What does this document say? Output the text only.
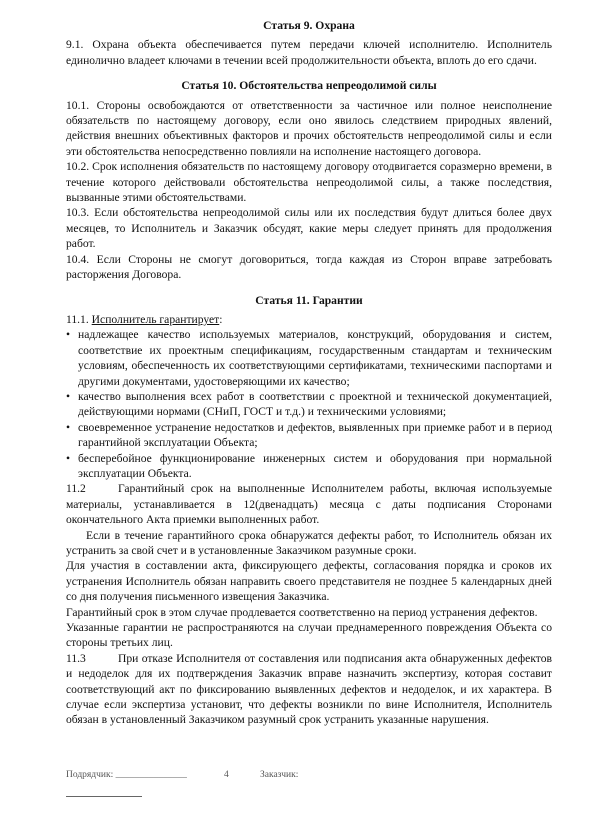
Статья 9. Охрана

9.1. Охрана объекта обеспечивается путем передачи ключей исполнителю. Исполнитель единолично владеет ключами в течении всей продолжительности объекта, вплоть до его сдачи.

Статья 10. Обстоятельства непреодолимой силы

10.1. Стороны освобождаются от ответственности за частичное или полное неисполнение обязательств по настоящему договору, если оно явилось следствием природных явлений, действия внешних объективных факторов и прочих обстоятельств непреодолимой силы и если эти обстоятельства непосредственно повлияли на исполнение настоящего договора.

10.2. Срок исполнения обязательств по настоящему договору отодвигается соразмерно времени, в течение которого действовали обстоятельства непреодолимой силы, а также последствия, вызванные этими обстоятельствами.

10.3. Если обстоятельства непреодолимой силы или их последствия будут длиться более двух месяцев, то Исполнитель и Заказчик обсудят, какие меры следует принять для продолжения работ.

10.4. Если Стороны не смогут договориться, тогда каждая из Сторон вправе затребовать расторжения Договора.

Статья 11. Гарантии

11.1. Исполнитель гарантирует:

• надлежащее качество используемых материалов, конструкций, оборудования и систем, соответствие их проектным спецификациям, государственным стандартам и техническим условиям, обеспеченность их соответствующими сертификатами, техническими паспортами и другими документами, удостоверяющими их качество;
• качество выполнения всех работ в соответствии с проектной и технической документацией, действующими нормами (СНиП, ГОСТ и т.д.) и техническими условиями;
• своевременное устранение недостатков и дефектов, выявленных при приемке работ и в период гарантийной эксплуатации Объекта;
• бесперебойное функционирование инженерных систем и оборудования при нормальной эксплуатации Объекта.

11.2	Гарантийный срок на выполненные Исполнителем работы, включая используемые материалы, устанавливается в 12(двенадцать) месяца с даты подписания Сторонами окончательного Акта приемки выполненных работ.

Если в течение гарантийного срока обнаружатся дефекты работ, то Исполнитель обязан их устранить за свой счет и в установленные Заказчиком разумные сроки.

Для участия в составлении акта, фиксирующего дефекты, согласования порядка и сроков их устранения Исполнитель обязан направить своего представителя не позднее 5 календарных дней со дня получения письменного извещения Заказчика.

Гарантийный срок в этом случае продлевается соответственно на период устранения дефектов.

Указанные гарантии не распространяются на случаи преднамеренного повреждения Объекта со стороны третьих лиц.

11.3	При отказе Исполнителя от составления или подписания акта обнаруженных дефектов и недоделок для их подтверждения Заказчик вправе назначить экспертизу, которая составит соответствующий акт по фиксированию выявленных дефектов и недоделок, и их характера. В случае если экспертиза установит, что дефекты возникли по вине Исполнителя, Исполнитель обязан в установленный Заказчиком разумный срок устранить указанные нарушения.

Подрядчик: _______________	4	Заказчик:
